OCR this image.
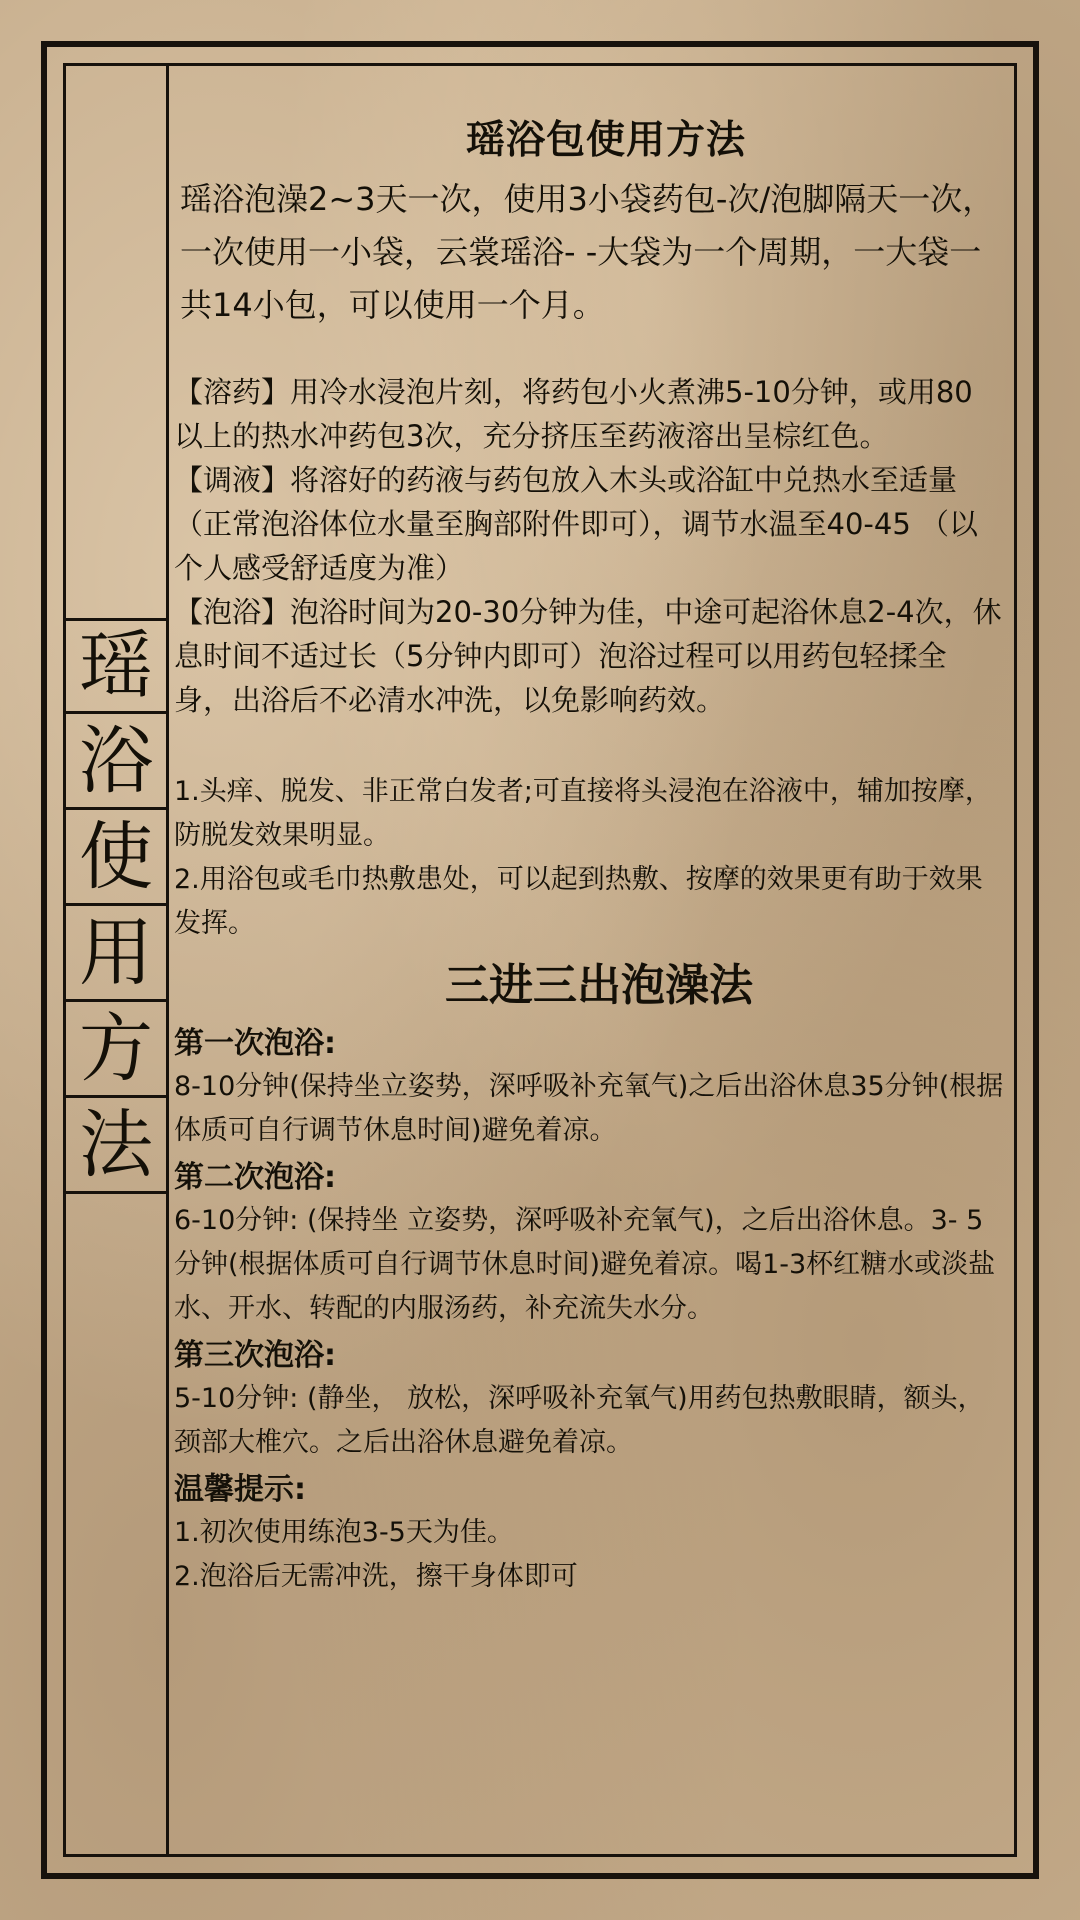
瑶
浴
使
用
方
法
瑶浴包使用方法

瑶浴泡澡2~3天一次，使用3小袋药包-次/泡脚隔天一次，一次使用一小袋，云裳瑶浴- -大袋为一个周期，一大袋一共14小包，可以使用一个月。

【溶药】用冷水浸泡片刻，将药包小火煮沸5-10分钟，或用80 以上的热水冲药包3次，充分挤压至药液溶出呈棕红色。

【调液】将溶好的药液与药包放入木头或浴缸中兑热水至适量（正常泡浴体位水量至胸部附件即可），调节水温至40-45 （以个人感受舒适度为准）

【泡浴】泡浴时间为20-30分钟为佳，中途可起浴休息2-4次，休息时间不适过长（5分钟内即可）泡浴过程可以用药包轻揉全身，出浴后不必清水冲洗，以免影响药效。

1.头痒、脱发、非正常白发者;可直接将头浸泡在浴液中，辅加按摩，防脱发效果明显。

2.用浴包或毛巾热敷患处，可以起到热敷、按摩的效果更有助于效果发挥。

三进三出泡澡法
第一次泡浴:

8-10分钟(保持坐立姿势，深呼吸补充氧气)之后出浴休息35分钟(根据体质可自行调节休息时间)避免着凉。

第二次泡浴:

6-10分钟: (保持坐 立姿势，深呼吸补充氧气)，之后出浴休息。3- 5分钟(根据体质可自行调节休息时间)避免着凉。喝1-3杯红糖水或淡盐水、开水、转配的内服汤药，补充流失水分。

第三次泡浴:

5-10分钟: (静坐， 放松，深呼吸补充氧气)用药包热敷眼睛，额头，颈部大椎穴。之后出浴休息避免着凉。

温馨提示:

1.初次使用练泡3-5天为佳。

2.泡浴后无需冲洗，擦干身体即可
